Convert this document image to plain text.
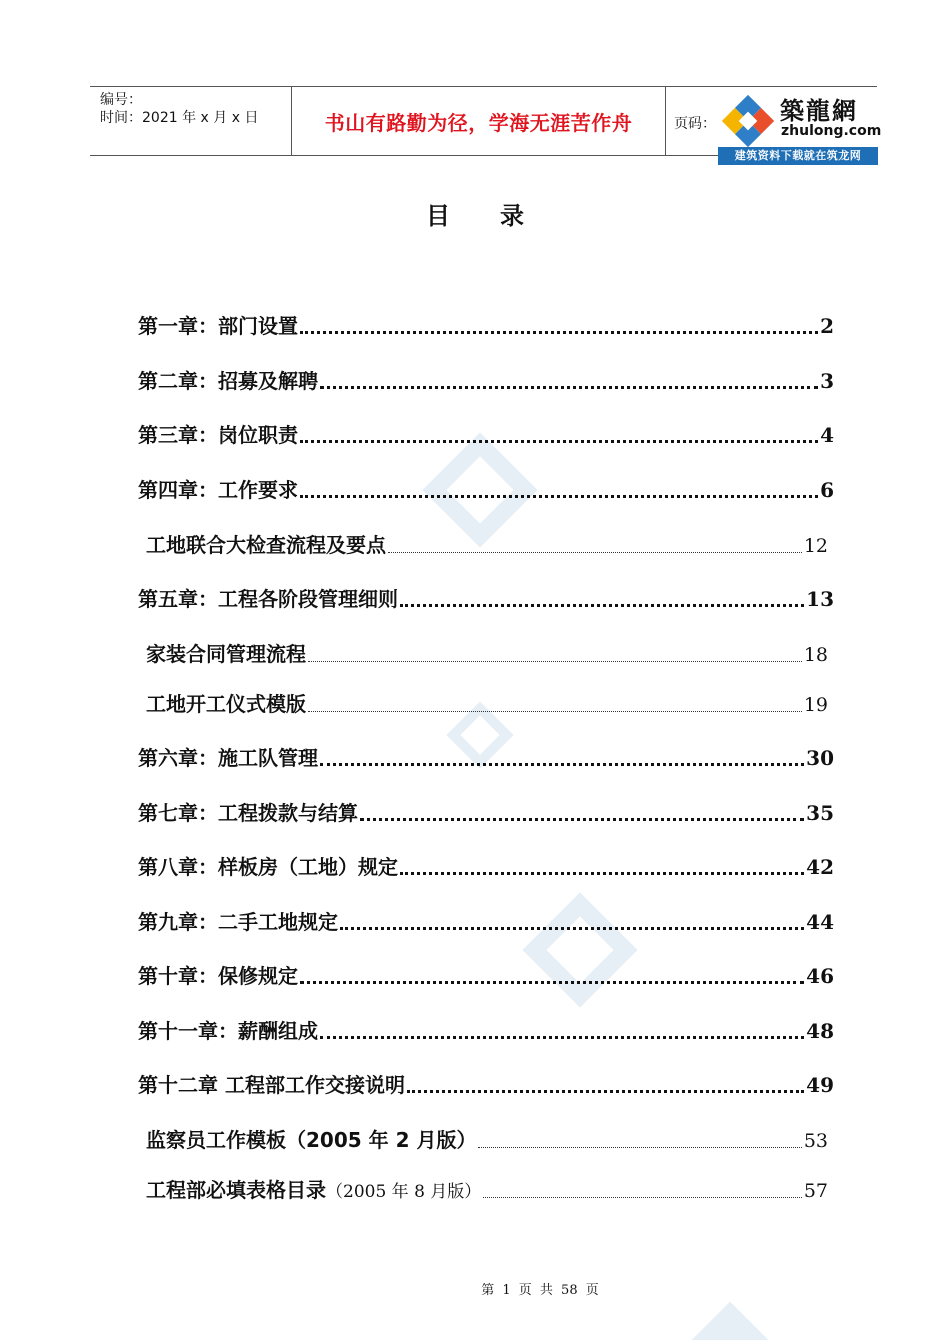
编号：
时间：2021 年 x 月 x 日	书山有路勤为径，学海无涯苦作舟	页码：	築龍網
zhulong.com
建筑资料下载就在筑龙网
目录
第一章：部门设置	2
第二章：招募及解聘	3
第三章：岗位职责	4
第四章：工作要求	6
工地联合大检查流程及要点	12
第五章：工程各阶段管理细则	13
家装合同管理流程	18
工地开工仪式模版	19
第六章：施工队管理	30
第七章：工程拨款与结算	35
第八章：样板房（工地）规定	42
第九章：二手工地规定	44
第十章：保修规定	46
第十一章：薪酬组成	48
第十二章 工程部工作交接说明	49
监察员工作模板（2005 年 2 月版）	53
工程部必填表格目录 （2005 年 8 月版）	57
第 1 页 共 58 页
